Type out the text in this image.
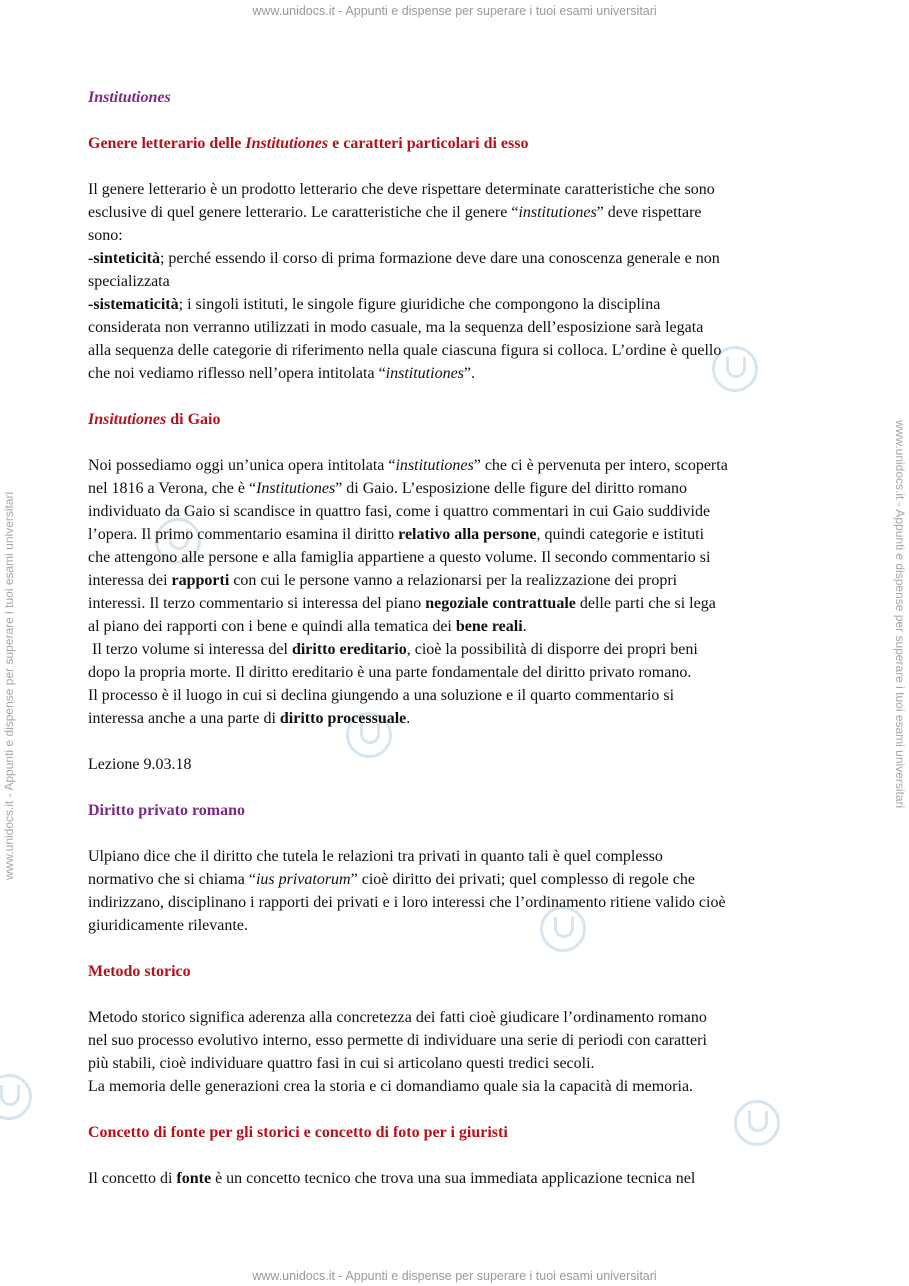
www.unidocs.it - Appunti e dispense per superare i tuoi esami universitari
www.unidocs.it - Appunti e dispense per superare i tuoi esami universitari
www.unidocs.it - Appunti e dispense per superare i tuoi esami universitari	www.unidocs.it - Appunti e dispense per superare i tuoi esami universitari
Institutiones
Genere letterario delle Institutiones e caratteri particolari di esso
Il genere letterario è un prodotto letterario che deve rispettare determinate caratteristiche che sono
esclusive di quel genere letterario. Le caratteristiche che il genere “institutiones” deve rispettare
sono:
-sinteticità; perché essendo il corso di prima formazione deve dare una conoscenza generale e non
specializzata
-sistematicità; i singoli istituti, le singole figure giuridiche che compongono la disciplina
considerata non verranno utilizzati in modo casuale, ma la sequenza dell’esposizione sarà legata
alla sequenza delle categorie di riferimento nella quale ciascuna figura si colloca. L’ordine è quello
che noi vediamo riflesso nell’opera intitolata “institutiones”.
Insitutiones di Gaio
Noi possediamo oggi un’unica opera intitolata “institutiones” che ci è pervenuta per intero, scoperta
nel 1816 a Verona, che è “Institutiones” di Gaio. L’esposizione delle figure del diritto romano
individuato da Gaio si scandisce in quattro fasi, come i quattro commentari in cui Gaio suddivide
l’opera. Il primo commentario esamina il diritto relativo alla persone, quindi categorie e istituti
che attengono alle persone e alla famiglia appartiene a questo volume. Il secondo commentario si
interessa dei rapporti con cui le persone vanno a relazionarsi per la realizzazione dei propri
interessi. Il terzo commentario si interessa del piano negoziale contrattuale delle parti che si lega
al piano dei rapporti con i bene e quindi alla tematica dei bene reali.
Il terzo volume si interessa del diritto ereditario, cioè la possibilità di disporre dei propri beni
dopo la propria morte. Il diritto ereditario è una parte fondamentale del diritto privato romano.
Il processo è il luogo in cui si declina giungendo a una soluzione e il quarto commentario si
interessa anche a una parte di diritto processuale.
Lezione 9.03.18
Diritto privato romano
Ulpiano dice che il diritto che tutela le relazioni tra privati in quanto tali è quel complesso
normativo che si chiama “ius privatorum” cioè diritto dei privati; quel complesso di regole che
indirizzano, disciplinano i rapporti dei privati e i loro interessi che l’ordinamento ritiene valido cioè
giuridicamente rilevante.
Metodo storico
Metodo storico significa aderenza alla concretezza dei fatti cioè giudicare l’ordinamento romano
nel suo processo evolutivo interno, esso permette di individuare una serie di periodi con caratteri
più stabili, cioè individuare quattro fasi in cui si articolano questi tredici secoli.
La memoria delle generazioni crea la storia e ci domandiamo quale sia la capacità di memoria.
Concetto di fonte per gli storici e concetto di foto per i giuristi
Il concetto di fonte è un concetto tecnico che trova una sua immediata applicazione tecnica nel
